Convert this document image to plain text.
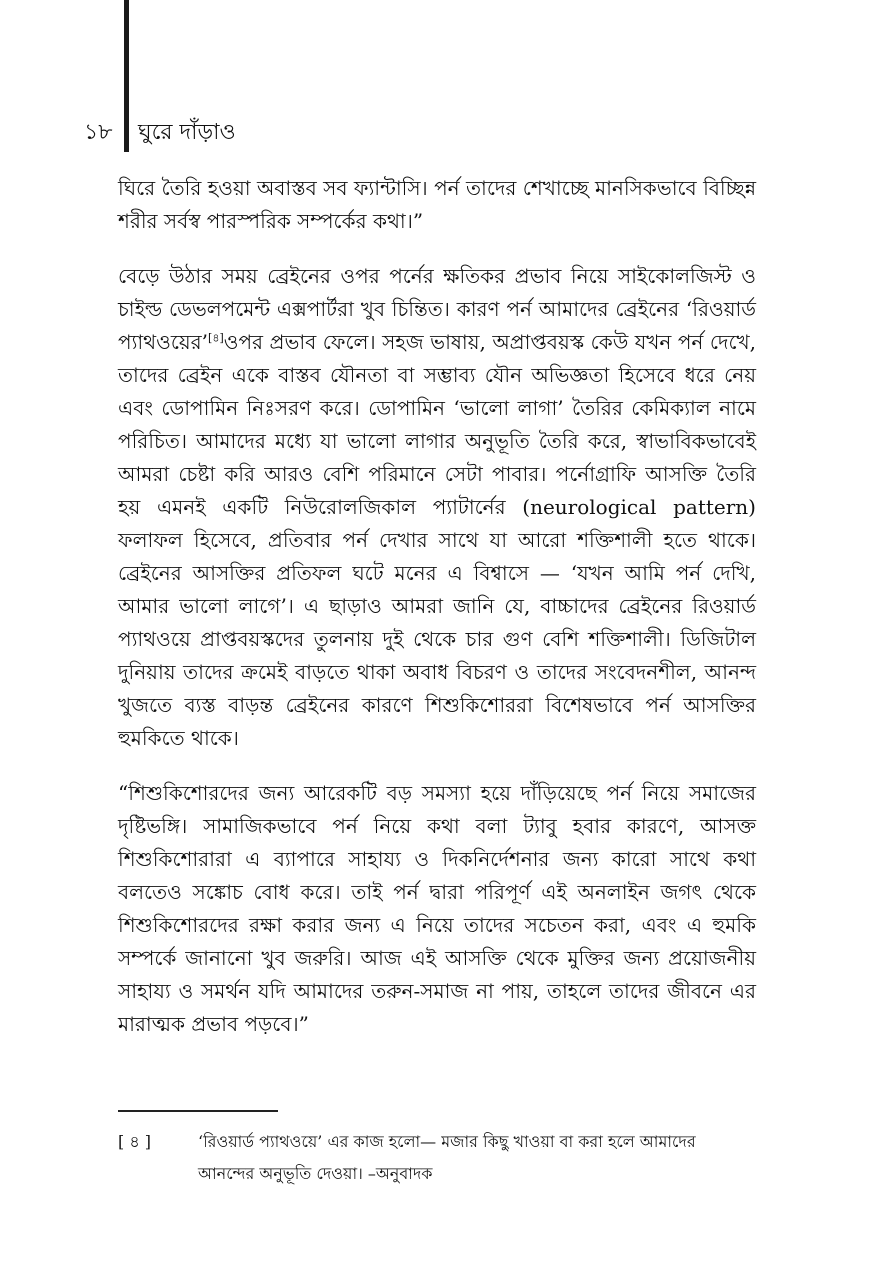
১৮ ঘুরে দাঁড়াও

ঘিরে তৈরি হওয়া অবাস্তব সব ফ্যান্টাসি। পর্ন তাদের শেখাচ্ছে মানসিকভাবে বিচ্ছিন্ন শরীর সর্বস্ব পারস্পরিক সম্পর্কের কথা।”

বেড়ে উঠার সময় ব্রেইনের ওপর পর্নের ক্ষতিকর প্রভাব নিয়ে সাইকোলজিস্ট ও চাইল্ড ডেভলপমেন্ট এক্সপার্টরা খুব চিন্তিত। কারণ পর্ন আমাদের ব্রেইনের ‘রিওয়ার্ড প্যাথওয়ের’[৪]ওপর প্রভাব ফেলে। সহজ ভাষায়, অপ্রাপ্তবয়স্ক কেউ যখন পর্ন দেখে, তাদের ব্রেইন একে বাস্তব যৌনতা বা সম্ভাব্য যৌন অভিজ্ঞতা হিসেবে ধরে নেয় এবং ডোপামিন নিঃসরণ করে। ডোপামিন ‘ভালো লাগা’ তৈরির কেমিক্যাল নামে পরিচিত। আমাদের মধ্যে যা ভালো লাগার অনুভূতি তৈরি করে, স্বাভাবিকভাবেই আমরা চেষ্টা করি আরও বেশি পরিমানে সেটা পাবার। পর্নোগ্রাফি আসক্তি তৈরি হয় এমনই একটি নিউরোলজিকাল প্যাটার্নের (neurological pattern) ফলাফল হিসেবে, প্রতিবার পর্ন দেখার সাথে যা আরো শক্তিশালী হতে থাকে। ব্রেইনের আসক্তির প্রতিফল ঘটে মনের এ বিশ্বাসে — ‘যখন আমি পর্ন দেখি, আমার ভালো লাগে’। এ ছাড়াও আমরা জানি যে, বাচ্চাদের ব্রেইনের রিওয়ার্ড প্যাথওয়ে প্রাপ্তবয়স্কদের তুলনায় দুই থেকে চার গুণ বেশি শক্তিশালী। ডিজিটাল দুনিয়ায় তাদের ক্রমেই বাড়তে থাকা অবাধ বিচরণ ও তাদের সংবেদনশীল, আনন্দ খুজতে ব্যস্ত বাড়ন্ত ব্রেইনের কারণে শিশুকিশোররা বিশেষভাবে পর্ন আসক্তির হুমকিতে থাকে।

“শিশুকিশোরদের জন্য আরেকটি বড় সমস্যা হয়ে দাঁড়িয়েছে পর্ন নিয়ে সমাজের দৃষ্টিভঙ্গি। সামাজিকভাবে পর্ন নিয়ে কথা বলা ট্যাবু হবার কারণে, আসক্ত শিশুকিশোরারা এ ব্যাপারে সাহায্য ও দিকনির্দেশনার জন্য কারো সাথে কথা বলতেও সঙ্কোচ বোধ করে। তাই পর্ন দ্বারা পরিপূর্ণ এই অনলাইন জগৎ থেকে শিশুকিশোরদের রক্ষা করার জন্য এ নিয়ে তাদের সচেতন করা, এবং এ হুমকি সম্পর্কে জানানো খুব জরুরি। আজ এই আসক্তি থেকে মুক্তির জন্য প্রয়োজনীয় সাহায্য ও সমর্থন যদি আমাদের তরুন-সমাজ না পায়, তাহলে তাদের জীবনে এর মারাত্মক প্রভাব পড়বে।”

[ ৪ ]	‘রিওয়ার্ড প্যাথওয়ে’ এর কাজ হলো— মজার কিছু খাওয়া বা করা হলে আমাদের আনন্দের অনুভূতি দেওয়া। –অনুবাদক
